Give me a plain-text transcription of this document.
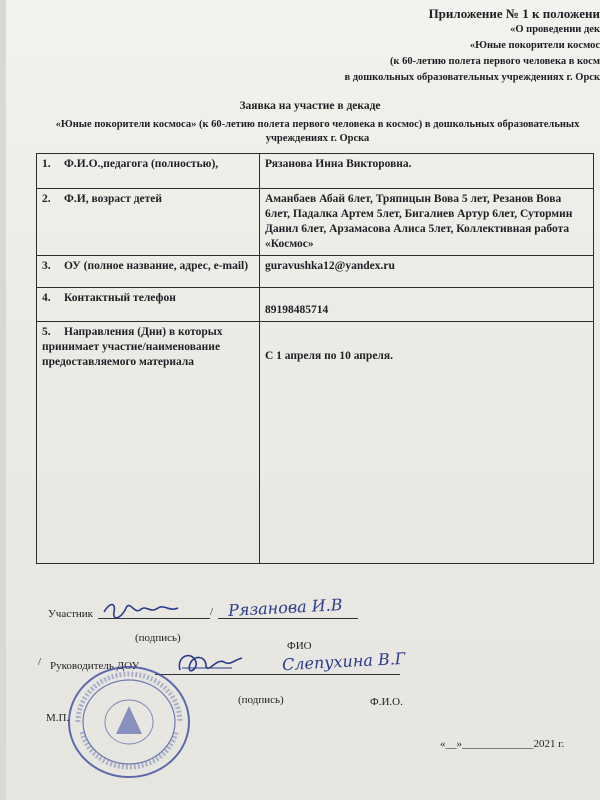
Приложение № 1 к положени
«О проведении дек
«Юные покорители космос
(к 60-летию полета первого человека в косм
в дошкольных образовательных учреждениях г. Орск
Заявка на участие в декаде
«Юные покорители космоса» (к 60-летию полета первого человека в космос) в дошкольных образовательных учреждениях г. Орска
1. Ф.И.О.,педагога (полностью),	Рязанова Инна Викторовна.
2. Ф.И, возраст детей	Аманбаев Абай 6лет, Тряпицын Вова 5 лет, Резанов Вова 6лет, Падалка Артем 5лет, Бигалиев Артур 6лет, Сутормин Данил 6лет, Арзамасова Алиса 5лет, Коллективная работа «Космос»
3. ОУ (полное название, адрес, e-mail)	guravushka12@yandex.ru
4. Контактный телефон	89198485714
5. Направления (Дни) в которых принимает участие/наименование предоставляемого материала	С 1 апреля по 10 апреля.
Участник	/ Рязанова И.В
(подпись)
ФИО
/ Руководитель ДОУ	Слепухина В.Г
(подпись)	Ф.И.О.
М.П.
«__»_____________2021 г.
